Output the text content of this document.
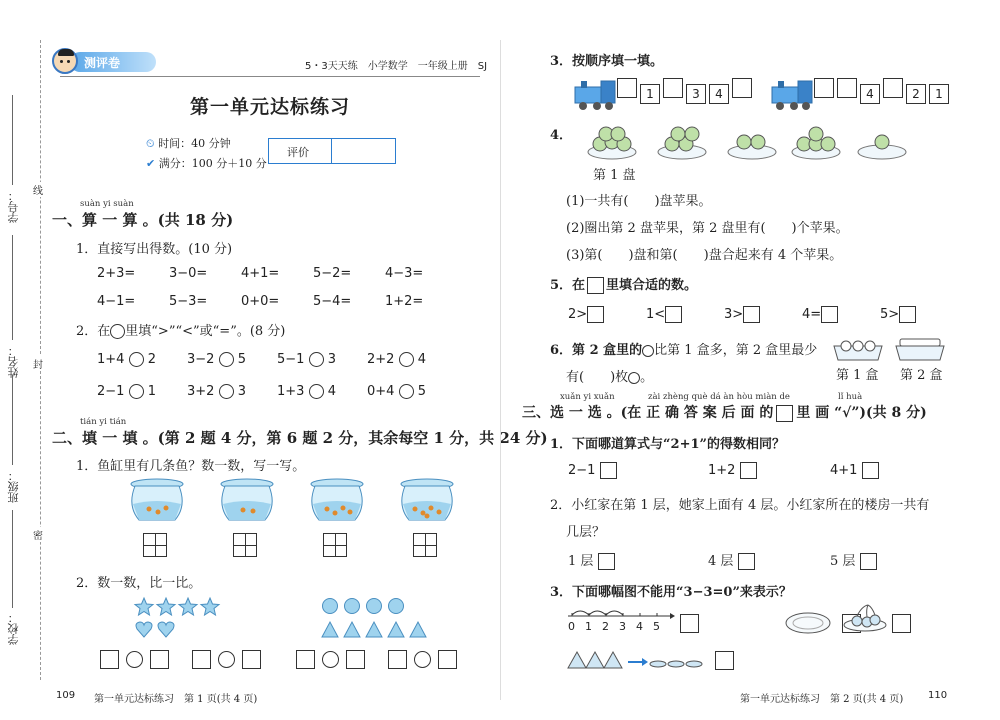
学号：
姓名：
班级：
学校：
线
封
密
测评卷	5・3天天练　小学数学　一年级上册　SJ
第一单元达标练习
⏲ 时间：40 分钟
✔ 满分：100 分＋10 分
评价
suàn yi suàn
一、算 一 算 。(共 18 分)
1．直接写出得数。(10 分)
2+3=	3−0=	4+1=	5−2=	4−3=
4−1=	5−3=	0+0=	5−4=	1+2=
2．在 里填“>”“<”或“=”。(8 分)
1+4 2	3−2 5	5−1 3	2+2 4
2−1 1	3+2 3	1+3 4	0+4 5
tián yi tián
二、填 一 填 。(第 2 题 4 分，第 6 题 2 分，其余每空 1 分，共 24 分)
1．鱼缸里有几条鱼？数一数，写一写。
2．数一数，比一比。

109 第一单元达标练习　第 1 页(共 4 页)
3．按顺序填一填。
1	3 4	4	2 1
4．
第 1 盘
(1)一共有(　　)盘苹果。
(2)圈出第 2 盘苹果，第 2 盘里有(　　)个苹果。
(3)第(　　)盘和第(　　)盘合起来有 4 个苹果。
5．在 里填合适的数。
2>	1<	3>	4=	5>
6．第 2 盒里的 比第 1 盒多，第 2 盒里最少
有(　　)枚 。	第 1 盒 第 2 盒
xuǎn yi xuǎn	zài zhèng què dá àn hòu miàn de	lǐ huà
三、选 一 选 。(在 正 确 答 案 后 面 的 里 画 “√”)(共 8 分)
1．下面哪道算式与“2+1”的得数相同？
2−1	1+2	4+1
2．小红家在第 1 层，她家上面有 4 层。小红家所在的楼房一共有
几层？
1 层	4 层	5 层
3．下面哪幅图不能用“3−3=0”来表示？
0 1 2 3 4 5
第一单元达标练习　第 2 页(共 4 页) 110
